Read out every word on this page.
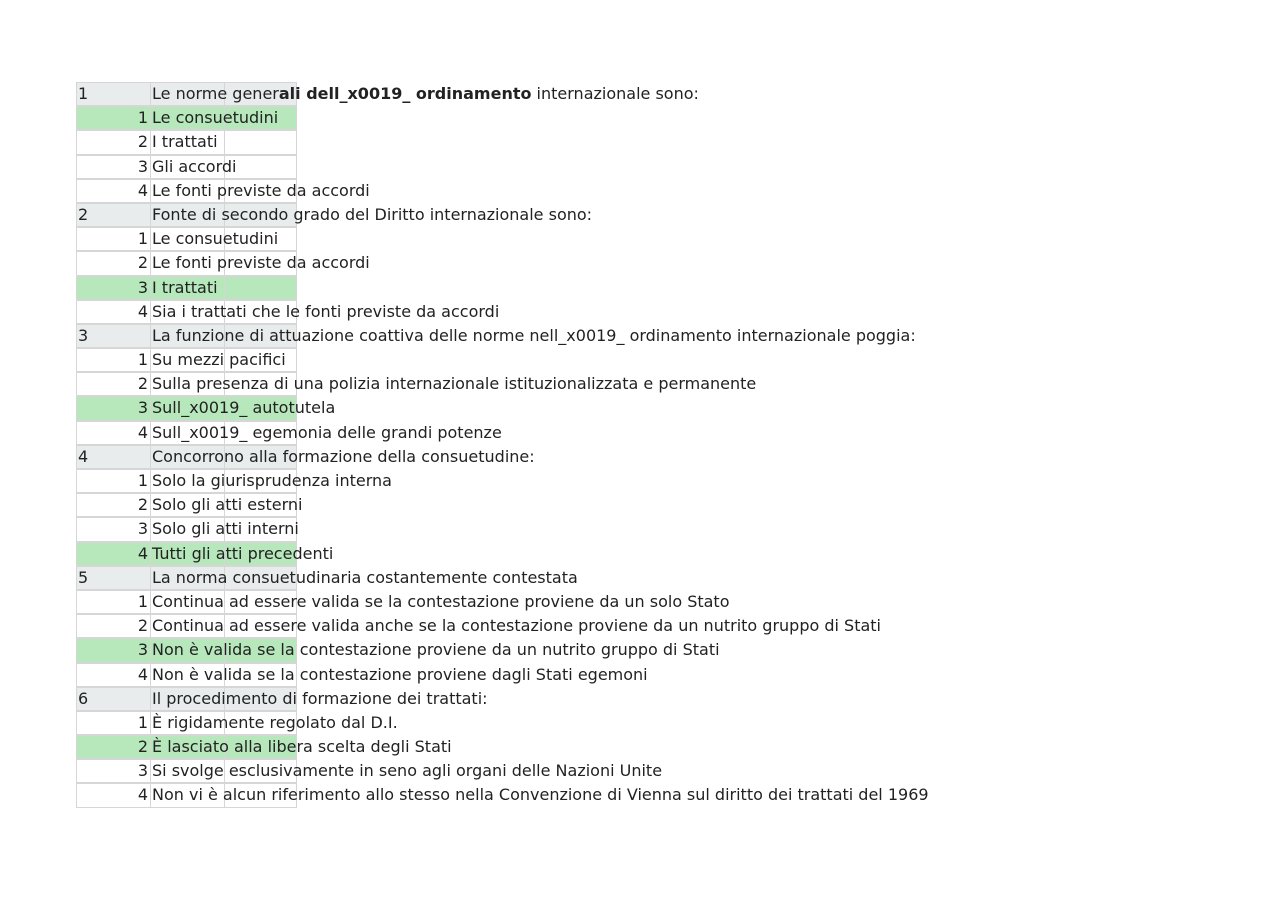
1	Le norme generali dell_x0019_ ordinamento internazionale sono:
1 Le consuetudini
2 I trattati
3 Gli accordi
4 Le fonti previste da accordi
2	Fonte di secondo grado del Diritto internazionale sono:
1 Le consuetudini
2 Le fonti previste da accordi
3 I trattati
4 Sia i trattati che le fonti previste da accordi
3	La funzione di attuazione coattiva delle norme nell_x0019_ ordinamento internazionale poggia:
1 Su mezzi pacifici
2 Sulla presenza di una polizia internazionale istituzionalizzata e permanente
3 Sull_x0019_ autotutela
4 Sull_x0019_ egemonia delle grandi potenze
4	Concorrono alla formazione della consuetudine:
1 Solo la giurisprudenza interna
2 Solo gli atti esterni
3 Solo gli atti interni
4 Tutti gli atti precedenti
5	La norma consuetudinaria costantemente contestata
1 Continua ad essere valida se la contestazione proviene da un solo Stato
2 Continua ad essere valida anche se la contestazione proviene da un nutrito gruppo di Stati
3 Non è valida se la contestazione proviene da un nutrito gruppo di Stati
4 Non è valida se la contestazione proviene dagli Stati egemoni
6	Il procedimento di formazione dei trattati:
1 È rigidamente regolato dal D.I.
2 È lasciato alla libera scelta degli Stati
3 Si svolge esclusivamente in seno agli organi delle Nazioni Unite
4 Non vi è alcun riferimento allo stesso nella Convenzione di Vienna sul diritto dei trattati del 1969
